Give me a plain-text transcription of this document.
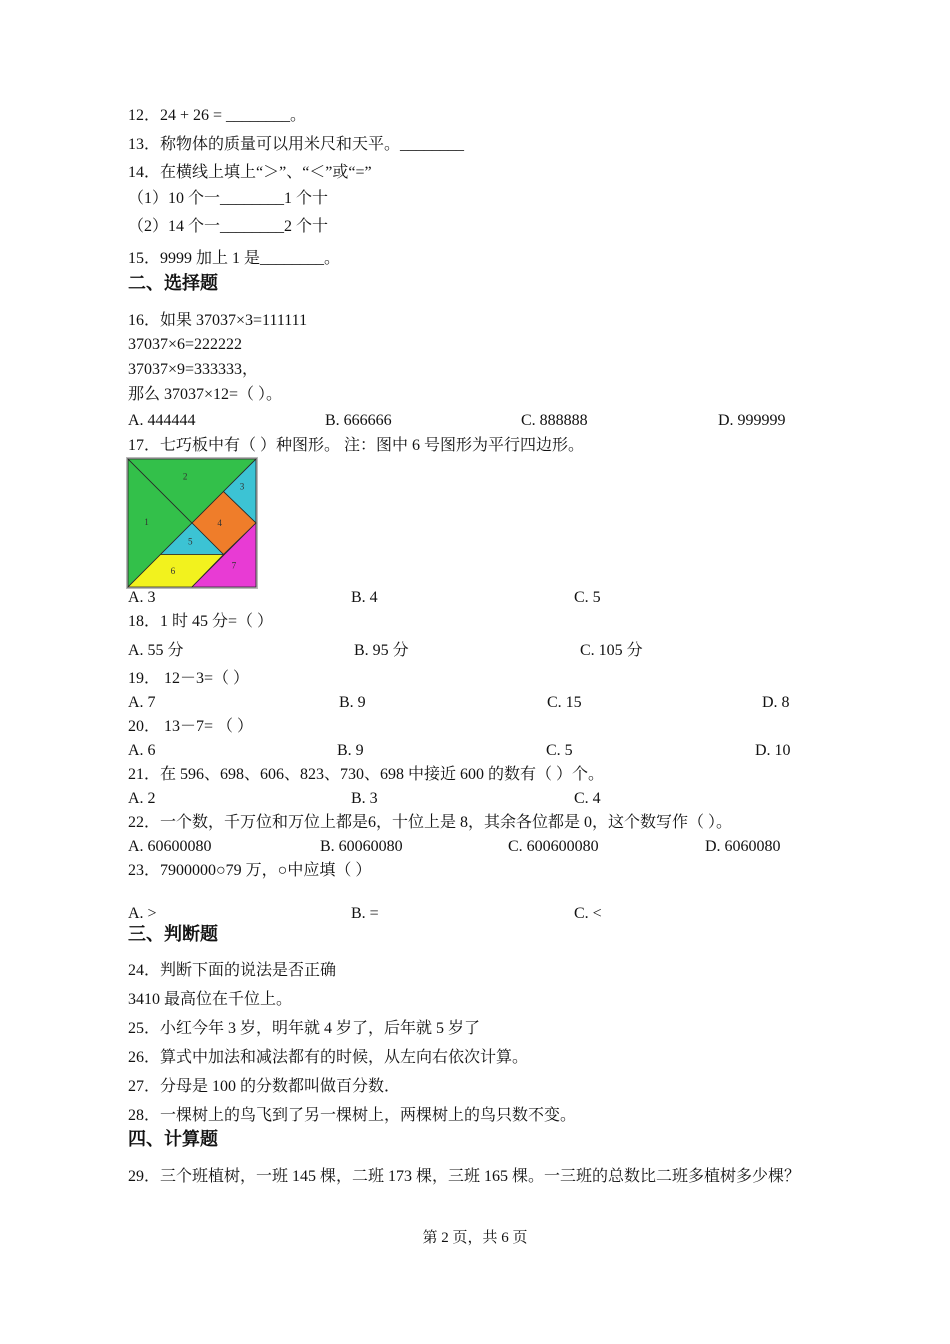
12．24 + 26 = ________。
13．称物体的质量可以用米尺和天平。________
14．在横线上填上“＞”、“＜”或“=”
（1）10 个一________1 个十
（2）14 个一________2 个十
15．9999 加上 1 是________。
二、选择题
16．如果 37037×3=111111
37037×6=222222
37037×9=333333，
那么 37037×12=（ ）。
A. 444444	B. 666666	C. 888888	D. 999999
17．七巧板中有（ ）种图形。 注：图中 6 号图形为平行四边形。
1
2
3
4
5
6
7
A. 3	B. 4	C. 5
18．1 时 45 分=（ ）
A. 55 分	B. 95 分	C. 105 分
19． 12－3=（ ）
A. 7	B. 9	C. 15	D. 8
20． 13－7= （ ）
A. 6	B. 9	C. 5	D. 10
21．在 596、698、606、823、730、698 中接近 600 的数有（ ）个。
A. 2	B. 3	C. 4
22．一个数，千万位和万位上都是6，十位上是 8，其余各位都是 0，这个数写作（ ）。
A. 60600080	B. 60060080	C. 600600080	D. 6060080
23．7900000○79 万，○中应填（ ）
A. >	B. =	C. <
三、判断题
24．判断下面的说法是否正确
3410 最高位在千位上。
25．小红今年 3 岁，明年就 4 岁了，后年就 5 岁了
26．算式中加法和减法都有的时候，从左向右依次计算。
27．分母是 100 的分数都叫做百分数．
28．一棵树上的鸟飞到了另一棵树上，两棵树上的鸟只数不变。
四、计算题
29．三个班植树，一班 145 棵，二班 173 棵，三班 165 棵。一三班的总数比二班多植树多少棵？
第 2 页，共 6 页
